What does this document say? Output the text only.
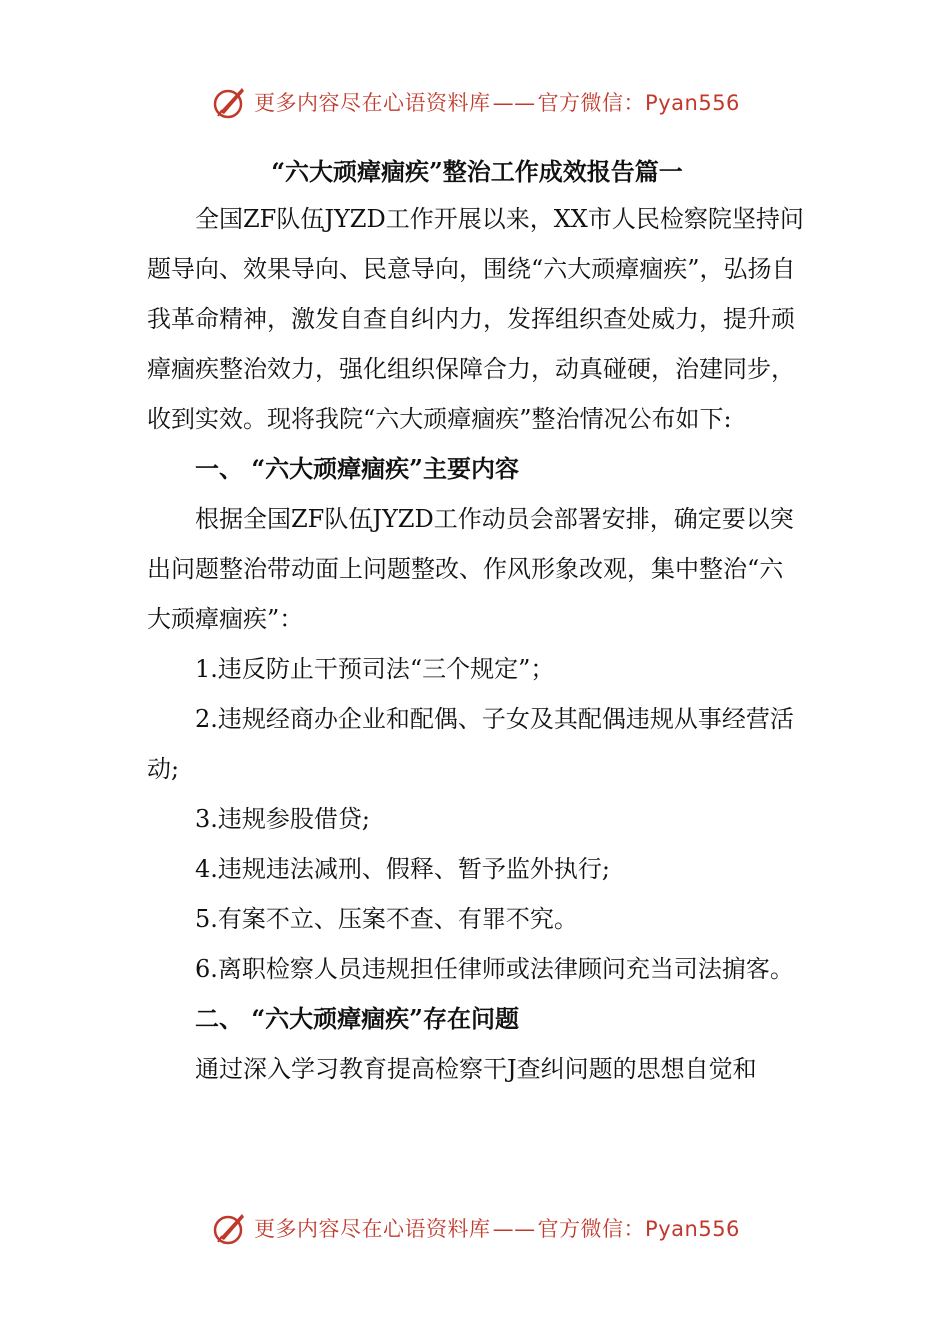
更多内容尽在心语资料库——官方微信：Pyan556
“六大顽瘴痼疾”整治工作成效报告篇一

全国ZF队伍JYZD工作开展以来，XX市人民检察院坚持问题导向、效果导向、民意导向，围绕“六大顽瘴痼疾”，弘扬自我革命精神，激发自查自纠内力，发挥组织查处威力，提升顽瘴痼疾整治效力，强化组织保障合力，动真碰硬，治建同步，收到实效。现将我院“六大顽瘴痼疾”整治情况公布如下:

一、 “六大顽瘴痼疾”主要内容

根据全国ZF队伍JYZD工作动员会部署安排，确定要以突出问题整治带动面上问题整改、作风形象改观，集中整治“六大顽瘴痼疾”：

1.违反防止干预司法“三个规定”；

2.违规经商办企业和配偶、子女及其配偶违规从事经营活动;

3.违规参股借贷;

4.违规违法减刑、假释、暂予监外执行;

5.有案不立、压案不查、有罪不究。

6.离职检察人员违规担任律师或法律顾问充当司法掮客。

二、 “六大顽瘴痼疾”存在问题

通过深入学习教育提高检察干J查纠问题的思想自觉和

更多内容尽在心语资料库——官方微信：Pyan556
